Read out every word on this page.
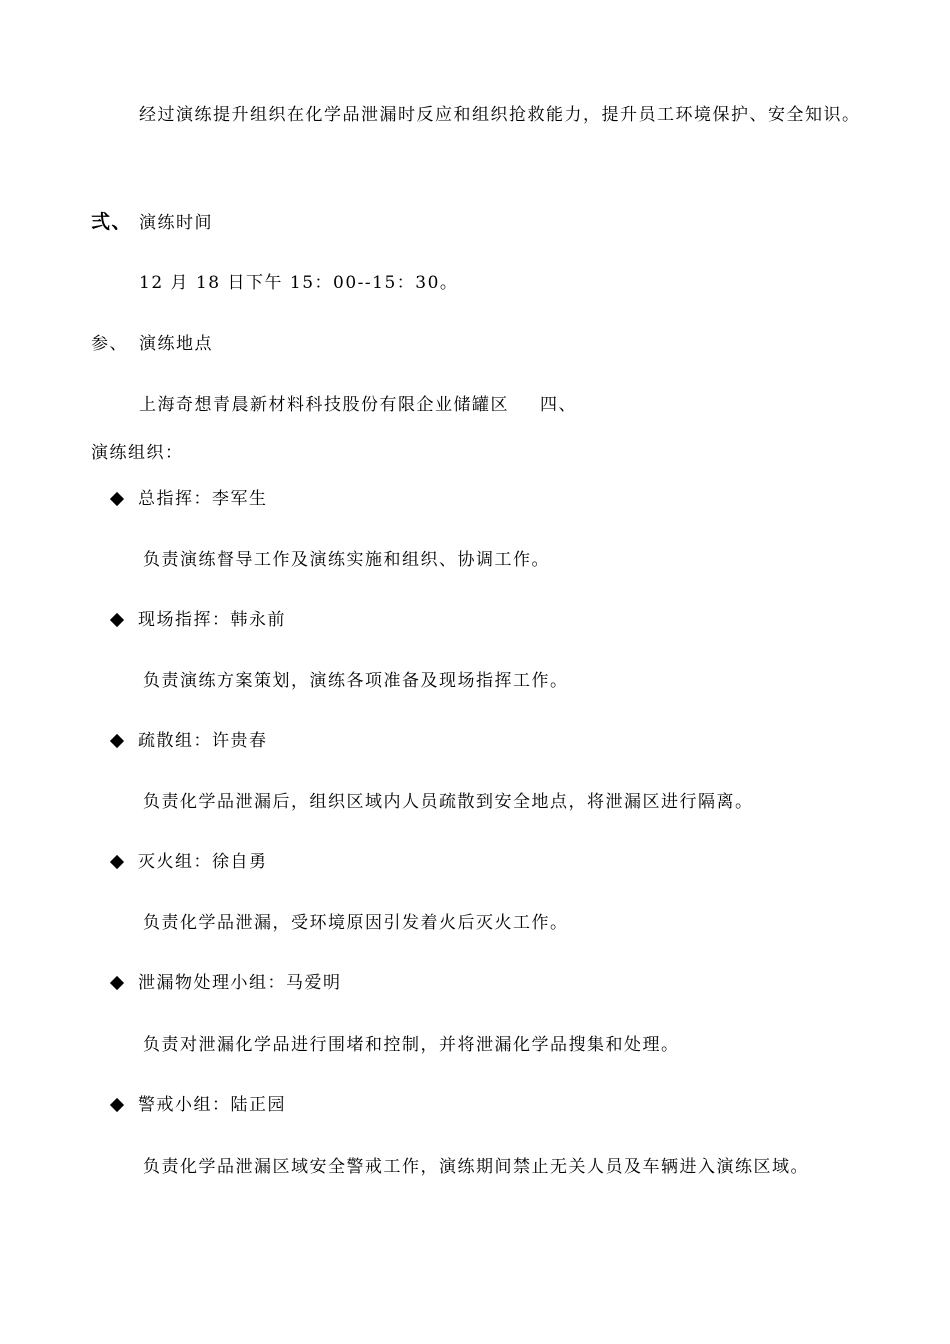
经过演练提升组织在化学品泄漏时反应和组织抢救能力，提升员工环境保护、安全知识。
弍、 演练时间
12 月 18 日下午 15：00--15：30。
参、 演练地点
上海奇想青晨新材料科技股份有限企业储罐区 四、
演练组织：
总指挥：李军生
负责演练督导工作及演练实施和组织、协调工作。
现场指挥：韩永前
负责演练方案策划，演练各项准备及现场指挥工作。
疏散组：许贵春
负责化学品泄漏后，组织区域内人员疏散到安全地点，将泄漏区进行隔离。
灭火组：徐自勇
负责化学品泄漏，受环境原因引发着火后灭火工作。
泄漏物处理小组：马爱明
负责对泄漏化学品进行围堵和控制，并将泄漏化学品搜集和处理。
警戒小组：陆正园
负责化学品泄漏区域安全警戒工作，演练期间禁止无关人员及车辆进入演练区域。
